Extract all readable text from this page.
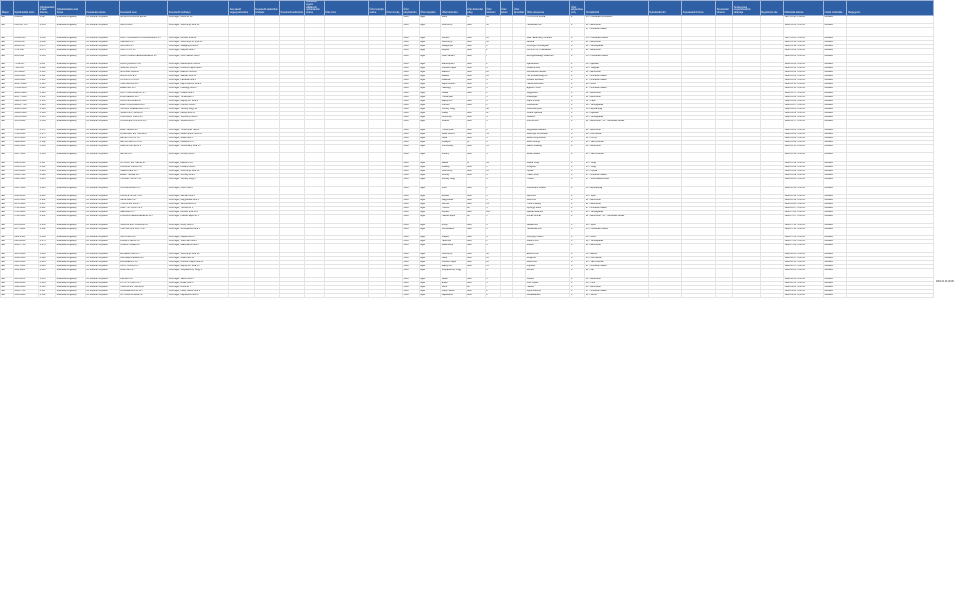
Állapot	Nyilvántartási szám	Nyilvántartásba vétel dátuma	Nyilvántartásba vétel típusa	Kereskedés típusa	Kereskedő neve	Kereskedő székhelye	Kereskedő cégjegyzékszáma	Kereskedő statisztikai számjele	Kereskedő adószáma	Kereskedő egyéni vállalkozói nyilvántartási száma	Üzlet címe	Üzlet helyrajzi száma	Üzlet ország	Üzlet irányítószám	Üzlet település	Üzlet közterület	Üzlet közterület jelleg	Üzlet házszám	Üzlet épület	Üzlet lépcsőház	Üzlet elnevezése	Üzlet alapterülete (m2)	Termékkörök	Nyitvatartási idő	Kereskedelmi forma	Szeszesital kimérés	Tevékenység megszűnésének időpontja	Megszűnés oka	Módosítás dátuma	Utolsó módosítás	Megjegyzés
Élő	2322247	8.047	Működési engedély	Az üzletben folytatott	MÓNIKA BORÁSZ ÉRNA	3300 Eger, Dobó tér 12								3300	Eger	Dobó	tér	8/1			TÜTÜ-KOL BÓRÉ	0	13 - Háztartási tisztítószer						1997.11.18. 0:00:00	Aktuális	
Élő	01/8.647.567	8.058	Működési engedély	Az üzletben folytatott	ÁRKÁ KÁRI	3300 Eger, Széchenyi utca 52								3300	Eger	Széchenyi	utca	52			Háztartási bolt	0	01 - Élelmiszer						1998.05.26. 0:00:00	Aktuális	
																							07 - Ruházati cikkek								
Élő	23858.435	8.066	Működési engedély	Az üzletben folytatott	FILIPI TAKARMÁNYFORGALMAZÓ BT	3300 Eger, Kertész utca 12								3300	Eger	Kertész	utca	12			Falu Takarmány Üzletem	0	13 - Háztartási cikkek						1997.12.03. 0:00:00	Aktuális	
Élő	25064.287	8.069	Működési engedély	Az üzletben folytatott	HERBÁR KFT	3300 Eger, Széchenyi út. utca 45								3300	Eger	Széchenyi	utca	45			Latinka	0	01 - Élelmiszer						1998.01.16. 0:00:00	Aktuális	
Élő	96402.517	8.071	Működési engedély	Az üzletben folytatott	GLORIA KFT	3300 Eger, Galagonya utca 2								3300	Eger	Galagonya	utca	2			Szívélyes Vendéglátó	0	04 - Vendéglátás						1998.01.19. 0:00:00	Aktuális	
Élő	5711.190	8.074	Működési engedély	Az üzletben folytatott	NON-STOP BT	3300 Eger, Mátyás utca 2								3300	Eger	Mátyás	utca	2			NON-STOP CSEMEGE	0	01 - Élelmiszer						1998.01.30. 0:00:00	Aktuális	
Élő	8659.098	8.084	Működési engedély	Az üzletben folytatott	KÁRA TRADE KERESKEDELMI BT	3300 Eger, Csiki Sándor utca 7								3300	Eger	Csiki Sándor	utca	7			Mezőgazdasági Szaküzlet	0	13 - Háztartási cikkek						1998.02.04. 0:00:00	Aktuális	
Élő	7.148.067	8.087	Működési engedély	Az üzletben folytatott	ALFA-QUADRO KFT	3300 Eger, Ráctemplom utca 2								3300	Eger	Ráctemplom	utca	2			Ajándékbolt	0	10 - Ajándék						1998.02.06. 0:00:00	Aktuális	
Élő	7118.565	8.092	Működési engedély	Az üzletben folytatott	SZIMULI LAJOS	3300 Eger, Kossuth Lajos utca 8								3300	Eger	Kossuth Lajos	utca	8			Csillárok Bolt	0	09 - Világítás						1998.02.13. 0:00:00	Aktuális	
Élő	35789638	8.110	Működési engedély	Az üzletben folytatott	MOLNÁR GÁBOR	3300 Eger, Rákóczi utca 20								3300	Eger	Rákóczi	utca	20			Kecskeméti Mester	0	01 - Élelmiszer						1998.03.02. 0:00:00	Aktuális	
Élő	3384.5180	8.111	Működési engedély	Az üzletben folytatott	MISSA PÁL E.V.	3300 Eger, Maklári utca 12								3300	Eger	Maklári	utca	12			Hot Ruhaboltság Kft.	0	07 - Ruházati cikkek						1998.03.04. 0:00:00	Aktuális	
Élő	3390.1880	8.114	Működési engedély	Az üzletben folytatott	KOVÁCS ISTVÁN	3300 Eger, Faiskola utca 4								3300	Eger	Faiskola	utca	4			Kovács Ruházat	0	07 - Ruházati cikkek						1998.03.06. 0:00:00	Aktuális	
Élő	36617.8820	8.118	Működési engedély	Az üzletben folytatott	HÁLÓSZOBA KFT	3300 Eger, Lajcsi Ferenc utca 6								3300	Eger	Lajcsi Ferenc	utca	6			Hálószoba Bútor	0	08 - Bútor						1998.03.11. 0:00:00	Aktuális	
Élő	37264.6450	8.121	Működési engedély	Az üzletben folytatott	ÉGERTEX KFT	3300 Eger, Hadnagy utca 3								3300	Eger	Hadnagy	utca	3			Égertex Textil	0	07 - Ruházati cikkek						1998.03.13. 0:00:00	Aktuális	
Élő	38210.9900	8.126	Működési engedély	Az üzletben folytatott	KATÓ VEGYESBOLT BT	3300 Eger, Csákó utca 2								3300	Eger	Csákó	utca	2			Vegyesbolt	0	01 - Élelmiszer						1998.03.17. 0:00:00	Aktuális	
Élő	38877.3100	8.131	Működési engedély	Az üzletben folytatott	ZÖLDSÉGES KFT	3300 Eger, Tündérpart 5								3300	Eger	Tündérpart		5			Zöldséges	0	01 - Élelmiszer						1998.03.20. 0:00:00	Aktuális	
Élő	39421.5500	8.135	Működési engedély	Az üzletben folytatott	PAPÍR-ÍRÓSZER BT	3300 Eger, Bajcsy-Zs. utca 9								3300	Eger	Bajcsy-Zs.	utca	9			Papír-Írószer	0	11 - Papír						1998.03.24. 0:00:00	Aktuális	
Élő	40102.7700	8.140	Működési engedély	Az üzletben folytatott	EGRI CUKRÁSZDA KFT	3300 Eger, Knézich utca 1								3300	Eger	Knézich	utca	1			Cukrászda	0	04 - Vendéglátás						1998.03.27. 0:00:00	Aktuális	
Élő	40815.2200	8.144	Működési engedély	Az üzletben folytatott	VÍZ-GÁZ SZERELVÉNY KFT	3300 Eger, Vécsey völgy 40								3300	Eger	Vécsey völgy		40			Szerelvénybolt	0	14 - Építőanyag						1998.04.01. 0:00:00	Aktuális	
Élő	41208.6600	8.149	Működési engedély	Az üzletben folytatott	SZABÓ ÉS TÁRSA BT	3300 Eger, Kállay utca 11								3300	Eger	Kállay	utca	11			Szabó Ajándék	0	10 - Ajándék						1998.04.03. 0:00:00	Aktuális	
Élő	41951.0400	8.153	Működési engedély	Az üzletben folytatott	CASTELLO PIZZA BT	3300 Eger, Szvorényi utca 4								3300	Eger	Szvorényi	utca	4			Castello	0	04 - Vendéglátás						1998.04.08. 0:00:00	Aktuális	
Élő	1335.0020	8.168	Működési engedély	Az üzletben folytatott	KOZMA ÉS KOVÁCS KFT	3300 Eger, Szarka utca 3								3300	Eger	Szarka	utca	3			Kozma Bolt	0	01 - Élelmiszer; 13 - Háztartási cikkek						1998.04.17. 0:00:00	Aktuális	
Élő	1721.9200	8.171	Működési engedély	Az üzletben folytatott	EGRI VÉGES BT	3300 Eger, Törvényház utca 2								3300	Eger	Törvényház	utca	2			Vegyeskereskedés	0	01 - Élelmiszer						1998.04.21. 0:00:00	Aktuális	
Élő	1780.4100	8.175	Működési engedély	Az üzletben folytatott	FLAMINGO ÉS TÁRSA BT	3300 Eger, Deák Ferenc utca 31								3300	Eger	Deák Ferenc	utca	31			Flamingo Kozmetika	0	06 - Kozmetika						1998.04.24. 0:00:00	Aktuális	
Élő	1855.6300	8.179	Működési engedély	Az üzletben folytatott	BETEK KÖNYV BT	3300 Eger, Jókai utca 3								3300	Eger	Jókai	utca	3			Betek Könyvesbolt	0	12 - Könyv						1998.04.28. 0:00:00	Aktuális	
Élő	1902.8800	8.182	Működési engedély	Az üzletben folytatott	METRO ABONYI KFT	3300 Eger, Kistályai út 9								3300	Eger	Kistályai	út	9			Metro Abonyi	0	05 - Vas-műszaki						1998.05.02. 0:00:00	Aktuális	
Élő	2201.0400	8.190	Működési engedély	Az üzletben folytatott	GÁBOR PÉTER E.V.	3300 Eger, Vörösmarty utca 15								3300	Eger	Vörösmarty	utca	15			Gábor Zöldség	0	01 - Élelmiszer						1998.05.11. 0:00:00	Aktuális	
Élő	2217.5500	8.193	Működési engedély	Az üzletben folytatott	MÉTAL KFT	3300 Eger, Koháry utca 5								3300	Eger	Koháry	utca	5			Métal Vasáru	0	05 - Vas-műszaki						1998.05.14. 0:00:00	Aktuális	
Élő	2288.1400	8.197	Működési engedély	Az üzletben folytatott	GYÖRGY ÉS TÁRSA BT	3300 Eger, Baktai út 64								3300	Eger	Baktai	út	64			Patika Virág	0	15 - Virág						1998.05.19. 0:00:00	Aktuális	
Élő	2301.6700	8.201	Működési engedély	Az üzletben folytatott	ROZÁLIA VIRÁG KFT	3300 Eger, Ludányi utca 1								3300	Eger	Ludányi	utca	1			Virágbolt	0	15 - Virág						1998.05.22. 0:00:00	Aktuális	
Élő	2345.0800	8.204	Működési engedély	Az üzletben folytatott	SZEMÜVEG KFT	3300 Eger, Széchenyi utca 16								3300	Eger	Széchenyi	utca	16			Optika	0	16 - Optika						1998.05.26. 0:00:00	Aktuális	
Élő	2388.7300	8.209	Működési engedély	Az üzletben folytatott	EGER TRADE KFT	3300 Eger, Grónay utca 6								3300	Eger	Grónay	utca	6			Trade Shop	0	07 - Ruházati cikkek						1998.05.29. 0:00:00	Aktuális	
Élő	2421.3900	8.215	Működési engedély	Az üzletben folytatott	TRINKET SZOFT BT	3300 Eger, Vécsey völgy 8								3300	Eger	Vécsey völgy		8			Trinket	0	17 - Számítástechnika						1998.06.04. 0:00:00	Aktuális	
Élő	2587.4400	8.224	Működési engedély	Az üzletben folytatott	KOLORSZABÓ KFT	3300 Eger, Kolor utca 2								3300	Eger	Kolor	utca	2			Kolorszabó Festék	0	14 - Építőanyag						1998.06.12. 0:00:00	Aktuális	
Élő	2601.2200	8.228	Működési engedély	Az üzletben folytatott	KARATE SPORT KFT	3300 Eger, Mecset utca 4								3300	Eger	Mecset	utca	4			Sportbolt	0	18 - Sport						1998.06.16. 0:00:00	Aktuális	
Élő	2630.5100	8.232	Működési engedély	Az üzletben folytatott	KÉSZ-KER KFT	3300 Eger, Nagyváradi utca 5								3300	Eger	Nagyváradi	utca	5			Kész-Ker	0	01 - Élelmiszer						1998.06.19. 0:00:00	Aktuális	
Élő	2672.9900	8.237	Működési engedély	Az üzletben folytatott	TÖRÖK ÉS FIA BT	3300 Eger, Servita utca 19								3300	Eger	Servita	utca	19			Török Pékség	0	01 - Élelmiszer						1998.06.24. 0:00:00	Aktuális	
Élő	2701.4800	8.241	Működési engedély	Az üzletben folytatott	NAGY GYÖNGYI E.V.	3300 Eger, Tűzoltó tér 3								3300	Eger	Tűzoltó	tér	3			Gyöngyi Butik	0	07 - Ruházati cikkek						1998.06.27. 0:00:00	Aktuális	
Élő	2745.6600	8.246	Működési engedély	Az üzletben folytatott	DÉLIBÁB KFT	3300 Eger, Kertész utca 101								3300	Eger	Kertész	utca	101			Délibáb Étterem	0	04 - Vendéglátás						1998.07.02. 0:00:00	Aktuális	
Élő	2790.3300	8.251	Működési engedély	Az üzletben folytatott	FORRÁS KERESKEDELMI KFT	3300 Eger, Hatvani kapu tér 1								3300	Eger	Hatvani kapu	tér	1			Forrás Áruház	0	01 - Élelmiszer; 13 - Háztartási cikkek						1998.07.07. 0:00:00	Aktuális	
Élő	2834.1100	8.256	Működési engedély	Az üzletben folytatott	VADÁSZ ÉS HORGÁSZ BT	3300 Eger, Bródy utca 4								3300	Eger	Bródy	utca	4			Vadászbolt	0	18 - Sport						1998.07.10. 0:00:00	Aktuális	
Élő	2877.8800	8.262	Működési engedély	Az üzletben folytatott	HÁZTARTÁSI BOLT KFT	3300 Eger, Szövetkezet utca 1								3300	Eger	Szövetkezet	utca	1			Háztartási Bolt	0	13 - Háztartási cikkek						1998.07.15. 0:00:00	Aktuális	
Élő	2911.4500	8.268	Működési engedély	Az üzletben folytatott	SZŐNYEG KFT	3300 Eger, Klapka utca 8								3300	Eger	Klapka	utca	8			Szőnyeg Szalon	0	08 - Bútor						1998.07.21. 0:00:00	Aktuális	
Élő	2956.2200	8.273	Működési engedély	Az üzletben folytatott	PARÁZS GRILL BT	3300 Eger, Tetemvár utca 2								3300	Eger	Tetemvár	utca	2			Parázs Grill	0	04 - Vendéglátás						1998.07.24. 0:00:00	Aktuális	
Élő	3001.7700	8.279	Működési engedély	Az üzletben folytatott	KISBOLT EGER BT	3300 Eger, Malomárok utca 6								3300	Eger	Malomárok	utca	6			Kisbolt	0	01 - Élelmiszer						1998.07.30. 0:00:00	Aktuális	
Élő	3045.6600	8.284	Működési engedély	Az üzletben folytatott	ÉKSZER-ÓRA KFT	3300 Eger, Széchenyi utca 30								3300	Eger	Széchenyi	utca	30			Ékszer-Óra	0	19 - Ékszer						1998.08.04. 0:00:00	Aktuális	
Élő	3089.5500	8.289	Működési engedély	Az üzletben folytatott	DROGÉRIA EGER KFT	3300 Eger, Jókai utca 12								3300	Eger	Jókai	utca	12			Drogéria	0	06 - Kozmetika						1998.08.07. 0:00:00	Aktuális	
Élő	3123.4400	8.294	Működési engedély	Az üzletben folytatott	ZÁRSZERVIZ BT	3300 Eger, Kossuth Lajos utca 22								3300	Eger	Kossuth Lajos	utca	22			Zárszerviz	0	05 - Vas-műszaki						1998.08.12. 0:00:00	Aktuális	
Élő	3167.3300	8.299	Működési engedély	Az üzletben folytatott	CIPŐ-TÁSKA KFT	3300 Eger, Bajcsy-Zs. utca 15								3300	Eger	Bajcsy-Zs.	utca	15			Cipőbolt	0	07 - Ruházati cikkek						1998.08.17. 0:00:00	Aktuális	
Élő	3211.2200	8.305	Működési engedély	Az üzletben folytatott	BORHÁZ KFT	3300 Eger, Szépasszony völgy 4								3300	Eger	Szépasszony völgy		4			Borház	0	02 - Ital						1998.08.21. 0:00:00	Aktuális	
Élő	3255.1100	8.310	Működési engedély	Az üzletben folytatott	PÉKÁRU BT	3300 Eger, Vallon utca 3								3300	Eger	Vallon	utca	3			Pékáru	0	01 - Élelmiszer						1998.08.26. 0:00:00	Aktuális	
Élő	3299.0000	8.316	Működési engedély	Az üzletben folytatott	FOTÓ STÚDIÓ KFT	3300 Eger, Érsek utca 5								3300	Eger	Érsek	utca	5			Fotó Stúdió	0	20 - Fotó						1998.08.31. 0:00:00	Aktuális	
Élő	3342.8800	8.321	Működési engedély	Az üzletben folytatott	HALÁSZ ÉS TÁRSA BT	3300 Eger, Dobó tér 7								3300	Eger	Dobó	tér	7			Halbolt	0	01 - Élelmiszer						1998.09.03. 0:00:00	Aktuális	
Élő	3386.7700	8.327	Működési engedély	Az üzletben folytatott	GYERMEKRUHA KFT	3300 Eger, Arany János utca 2								3300	Eger	Arany János	utca	2			Gyermekruha	0	07 - Ruházati cikkek						1998.09.08. 0:00:00	Aktuális	
Élő	3430.6600	8.332	Működési engedély	Az üzletben folytatott	AUTÓALKATRÉSZ BT	3300 Eger, Lajosváros utca 9								3300	Eger	Lajosváros	utca	9			Autóalkatrész	0	21 - Jármű						1998.09.11. 0:00:00	Aktuális	
2001.01.01 00:00
